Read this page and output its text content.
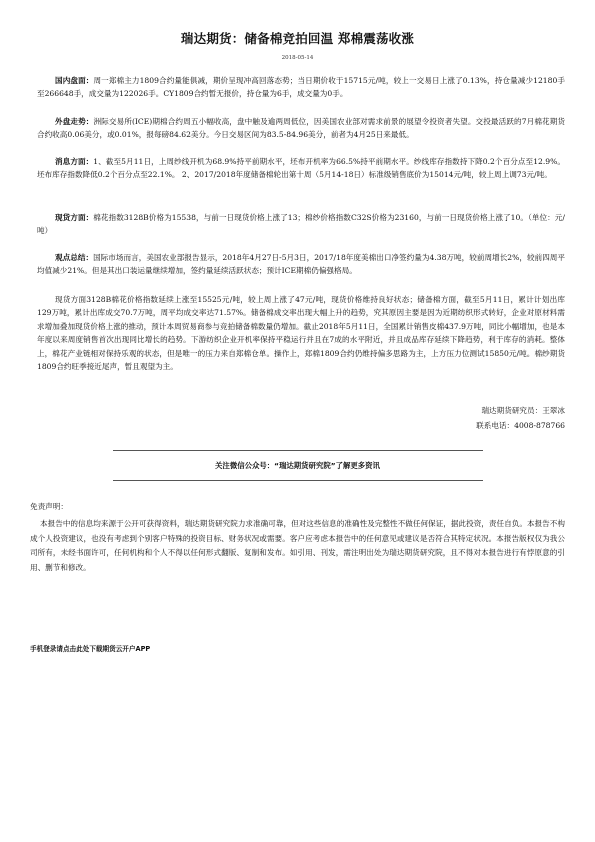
瑞达期货：储备棉竞拍回温 郑棉震荡收涨
2018-05-14

国内盘面：周一郑棉主力1809合约量能俱减，期价呈现冲高回落态势；当日期价收于15715元/吨，较上一交易日上涨了0.13%，持仓量减少12180手至266648手，成交量为122026手。CY1809合约暂无报价，持仓量为6手，成交量为0手。

外盘走势：洲际交易所(ICE)期棉合约周五小幅收高，盘中触及逾两周低位，因美国农业部对需求前景的展望令投资者失望。交投最活跃的7月棉花期货合约收高0.06美分，或0.01%，报每磅84.62美分。今日交易区间为83.5-84.96美分，前者为4月25日来最低。

消息方面：1、截至5月11日，上周纱线开机为68.9%持平前期水平，坯布开机率为66.5%持平前期水平。纱线库存指数持下降0.2个百分点至12.9%。坯布库存指数降低0.2个百分点至22.1%。 2、2017/2018年度储备棉轮出第十周（5月14-18日）标准级销售底价为15014元/吨，较上周上调73元/吨。

现货方面：棉花指数3128B价格为15538，与前一日现货价格上涨了13；棉纱价格指数C32S价格为23160，与前一日现货价格上涨了10。（单位：元/吨）

观点总结：国际市场而言，美国农业部报告显示，2018年4月27日-5月3日，2017/18年度美棉出口净签约量为4.38万吨，较前周增长2%，较前四周平均值减少21%。但是其出口装运量继续增加，签约量延续活跃状态；预计ICE期棉仍偏强格局。

现货方面3128B棉花价格指数延续上涨至15525元/吨，较上周上涨了47元/吨，现货价格维持良好状态；储备棉方面，截至5月11日，累计计划出库129万吨，累计出库成交70.7万吨，周平均成交率达71.57%。储备棉成交率出现大幅上升的趋势，究其原因主要是因为近期纺织形式转好，企业对原材料需求增加叠加现货价格上涨的推动，预计本周贸易商参与竞拍储备棉数量仍增加。截止2018年5月11日，全国累计销售皮棉437.9万吨，同比小幅增加，也是本年度以来周度销售首次出现同比增长的趋势。下游纺织企业开机率保持平稳运行并且在7成的水平附近，并且成品库存延续下降趋势，利于库存的消耗。整体上，棉花产业链相对保持乐观的状态，但是唯一的压力来自郑棉仓单。操作上，郑棉1809合约仍维持偏多思路为主，上方压力位测试15850元/吨。棉纱期货1809合约旺季接近尾声，暂且观望为主。

瑞达期货研究员：王翠冰
联系电话：4008-878766
关注微信公众号：“瑞达期货研究院”了解更多资讯
免责声明：

本报告中的信息均来源于公开可获得资料，瑞达期货研究院力求准确可靠，但对这些信息的准确性及完整性不做任何保证，据此投资，责任自负。本报告不构成个人投资建议，也没有考虑到个别客户特殊的投资目标、财务状况或需要。客户应考虑本报告中的任何意见或建议是否符合其特定状况。本报告版权仅为我公司所有，未经书面许可，任何机构和个人不得以任何形式翻版、复制和发布。如引用、刊发，需注明出处为瑞达期货研究院，且不得对本报告进行有悖原意的引用、删节和修改。

手机登录请点击此处下载期货云开户APP
